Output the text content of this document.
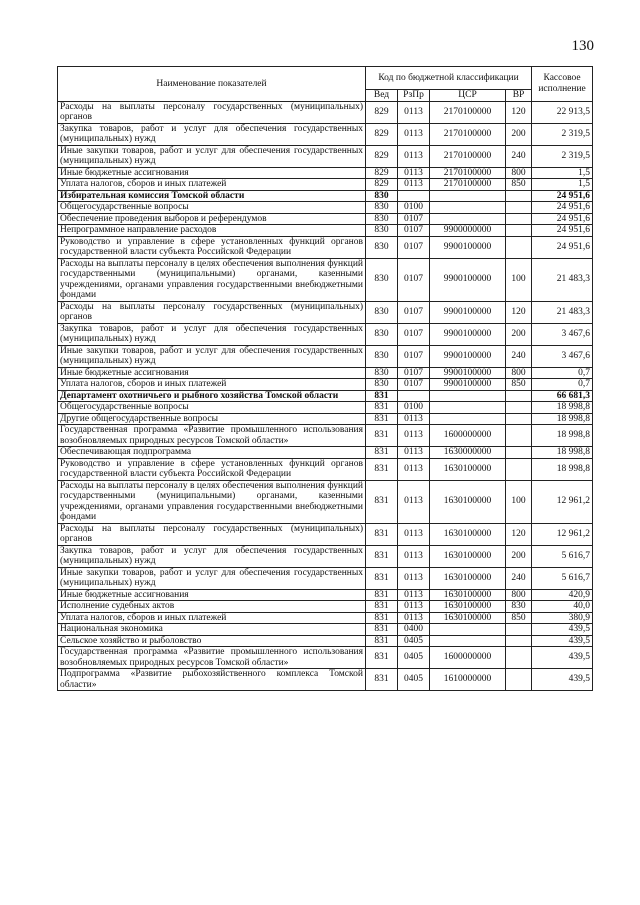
130
Наименование показателей	Код по бюджетной классификации				Кассовое исполнение
	Вед	РзПр	ЦСР	ВР	
Расходы на выплаты персоналу государственных (муниципальных) органов	829	0113	2170100000	120	22 913,5
Закупка товаров, работ и услуг для обеспечения государственных (муниципальных) нужд	829	0113	2170100000	200	2 319,5
Иные закупки товаров, работ и услуг для обеспечения государственных (муниципальных) нужд	829	0113	2170100000	240	2 319,5
Иные бюджетные ассигнования	829	0113	2170100000	800	1,5
Уплата налогов, сборов и иных платежей	829	0113	2170100000	850	1,5
Избирательная комиссия Томской области	830				24 951,6
Общегосударственные вопросы	830	0100			24 951,6
Обеспечение проведения выборов и референдумов	830	0107			24 951,6
Непрограммное направление расходов	830	0107	9900000000		24 951,6
Руководство и управление в сфере установленных функций органов государственной власти субъекта Российской Федерации	830	0107	9900100000		24 951,6
Расходы на выплаты персоналу в целях обеспечения выполнения функций государственными (муниципальными) органами, казенными учреждениями, органами управления государственными внебюджетными фондами	830	0107	9900100000	100	21 483,3
Расходы на выплаты персоналу государственных (муниципальных) органов	830	0107	9900100000	120	21 483,3
Закупка товаров, работ и услуг для обеспечения государственных (муниципальных) нужд	830	0107	9900100000	200	3 467,6
Иные закупки товаров, работ и услуг для обеспечения государственных (муниципальных) нужд	830	0107	9900100000	240	3 467,6
Иные бюджетные ассигнования	830	0107	9900100000	800	0,7
Уплата налогов, сборов и иных платежей	830	0107	9900100000	850	0,7
Департамент охотничьего и рыбного хозяйства Томской области	831				66 681,3
Общегосударственные вопросы	831	0100			18 998,8
Другие общегосударственные вопросы	831	0113			18 998,8
Государственная программа «Развитие промышленного использования возобновляемых природных ресурсов Томской области»	831	0113	1600000000		18 998,8
Обеспечивающая подпрограмма	831	0113	1630000000		18 998,8
Руководство и управление в сфере установленных функций органов государственной власти субъекта Российской Федерации	831	0113	1630100000		18 998,8
Расходы на выплаты персоналу в целях обеспечения выполнения функций государственными (муниципальными) органами, казенными учреждениями, органами управления государственными внебюджетными фондами	831	0113	1630100000	100	12 961,2
Расходы на выплаты персоналу государственных (муниципальных) органов	831	0113	1630100000	120	12 961,2
Закупка товаров, работ и услуг для обеспечения государственных (муниципальных) нужд	831	0113	1630100000	200	5 616,7
Иные закупки товаров, работ и услуг для обеспечения государственных (муниципальных) нужд	831	0113	1630100000	240	5 616,7
Иные бюджетные ассигнования	831	0113	1630100000	800	420,9
Исполнение судебных актов	831	0113	1630100000	830	40,0
Уплата налогов, сборов и иных платежей	831	0113	1630100000	850	380,9
Национальная экономика	831	0400			439,5
Сельское хозяйство и рыболовство	831	0405			439,5
Государственная программа «Развитие промышленного использования возобновляемых природных ресурсов Томской области»	831	0405	1600000000		439,5
Подпрограмма «Развитие рыбохозяйственного комплекса Томской области»	831	0405	1610000000		439,5
